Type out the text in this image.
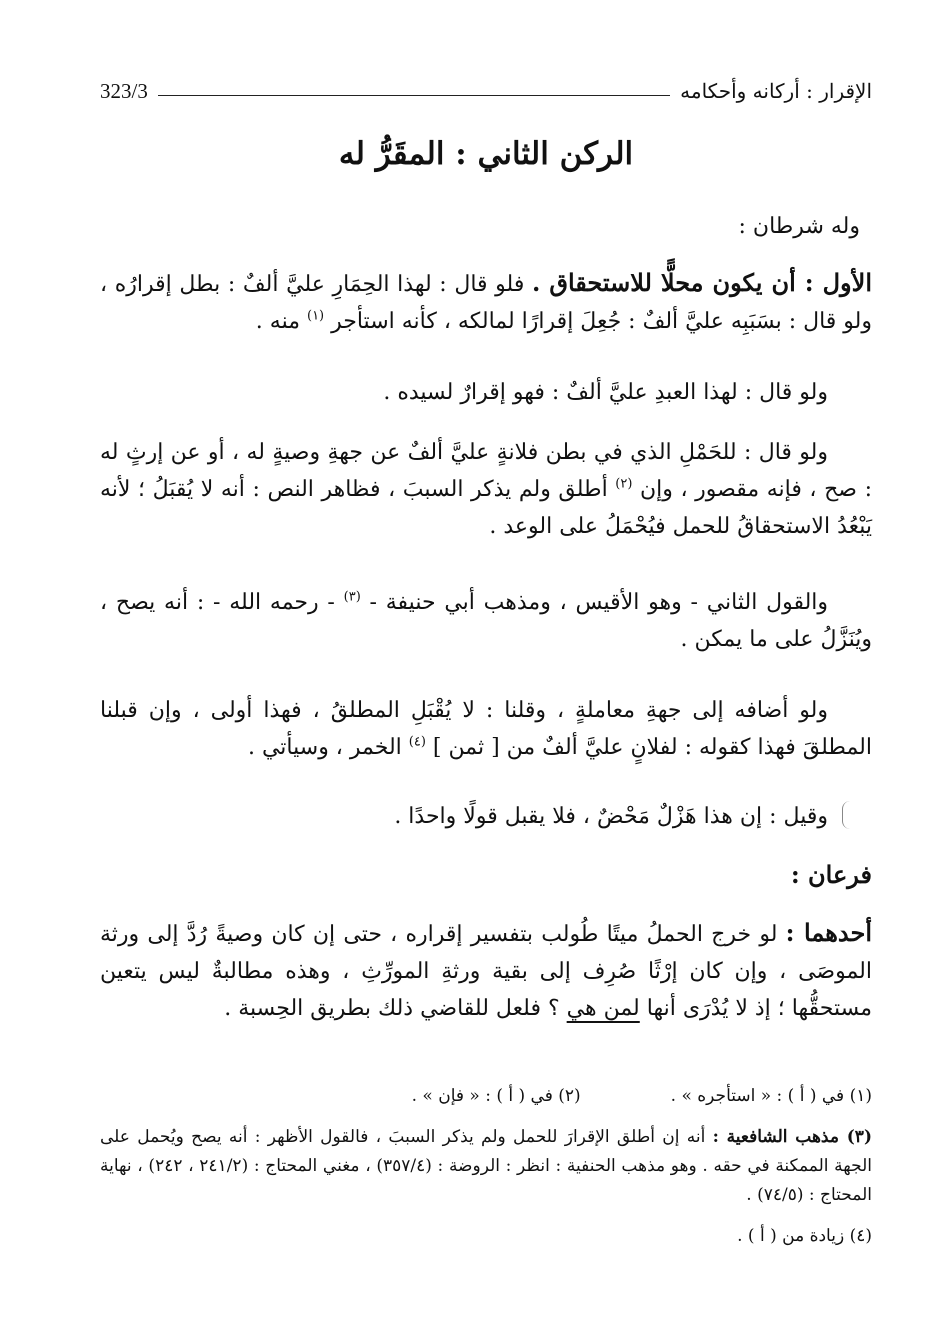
الإقرار : أركانه وأحكامه
323/3
الركن الثاني : المقَرُّ له

وله شرطان :

الأول : أن يكون محلًّا للاستحقاق . فلو قال : لهذا الحِمَارِ عليَّ ألفٌ : بطل إقرارُه ، ولو قال : بسَبَبِه عليَّ ألفٌ : جُعِلَ إقرارًا لمالكه ، كأنه استأجر $^{(١)}$ منه .

ولو قال : لهذا العبدِ عليَّ ألفٌ : فهو إقرارٌ لسيده .

ولو قال : للحَمْلِ الذي في بطن فلانةٍ عليَّ ألفٌ عن جهةِ وصيةٍ له ، أو عن إرثٍ له : صح ، فإنه مقصور ، وإن $^{(٢)}$ أطلق ولم يذكر السببَ ، فظاهر النص : أنه لا يُقبَلُ ؛ لأنه يَبْعُدُ الاستحقاقُ للحمل فيُحْمَلُ على الوعد .

والقول الثاني - وهو الأقيس ، ومذهب أبي حنيفة - $^{(٣)}$ - رحمه الله - : أنه يصح ، ويُنَزَّلُ على ما يمكن .

ولو أضافه إلى جهةِ معاملةٍ ، وقلنا : لا يُقْبَلِ المطلقُ ، فهذا أولى ، وإن قبلنا المطلقَ فهذا كقوله : لفلانٍ عليَّ ألفٌ من [ ثمن ] $^{(٤)}$ الخمر ، وسيأتي .

وقيل : إن هذا هَزْلٌ مَحْضٌ ، فلا يقبل قولًا واحدًا .

فرعان :

أحدهما : لو خرج الحملُ ميتًا طُولب بتفسير إقراره ، حتى إن كان وصيةً رُدَّ إلى ورثة الموصَى ، وإن كان إرْثًا صُرِف إلى بقية ورثةِ المورِّثِ ، وهذه مطالبةٌ ليس يتعين مستحقُّها ؛ إذ لا يُدْرَى أنها لمن هي ؟ فلعل للقاضي ذلك بطريق الحِسبة .

(١) في ( أ ) : « استأجره » .
(٢) في ( أ ) : « فإن » .
(٣) مذهب الشافعية : أنه إن أطلق الإقرارَ للحمل ولم يذكر السببَ ، فالقول الأظهر : أنه يصح ويُحمل على الجهة الممكنة في حقه . وهو مذهب الحنفية : انظر : الروضة : (٣٥٧/٤) ، مغني المحتاج : (٢٤١/٢ ، ٢٤٢) ، نهاية المحتاج : (٧٤/٥) .
(٤) زيادة من ( أ ) .
